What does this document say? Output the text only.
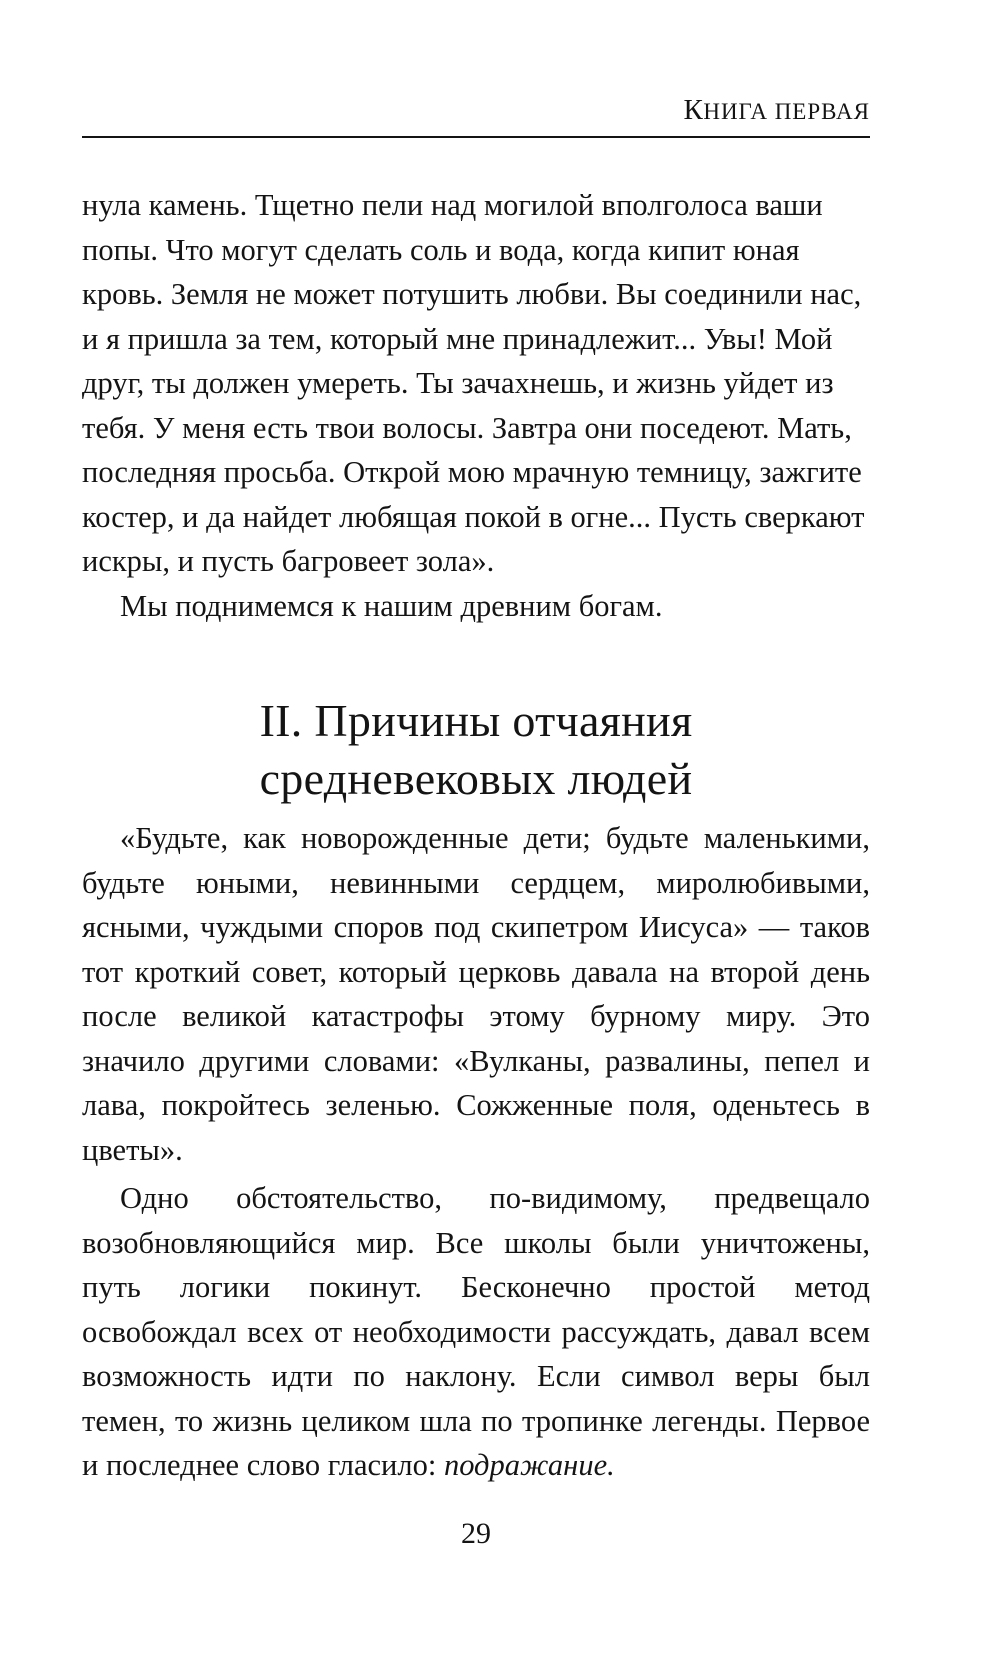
КНИГА ПЕРВАЯ

нула камень. Тщетно пели над могилой вполголоса ваши попы. Что могут сделать соль и вода, когда кипит юная кровь. Земля не может потушить любви. Вы соединили нас, и я пришла за тем, который мне принадлежит... Увы! Мой друг, ты должен умереть. Ты зачахнешь, и жизнь уйдет из тебя. У меня есть твои волосы. Завтра они поседеют. Мать, последняя просьба. Открой мою мрачную темницу, зажгите костер, и да найдет любящая покой в огне... Пусть сверкают искры, и пусть багровеет зола».

Мы поднимемся к нашим древним богам.

II. Причины отчаяния
средневековых людей

«Будьте, как новорожденные дети; будьте маленькими, будьте юными, невинными сердцем, миролюбивыми, ясными, чуждыми споров под скипетром Иисуса» — таков тот кроткий совет, который церковь давала на второй день после великой катастрофы этому бурному миру. Это значило другими словами: «Вулканы, развалины, пепел и лава, покройтесь зеленью. Сожженные поля, оденьтесь в цветы».

Одно обстоятельство, по-видимому, предвещало возобновляющийся мир. Все школы были уничтожены, путь логики покинут. Бесконечно простой метод освобождал всех от необходимости рассуждать, давал всем возможность идти по наклону. Если символ веры был темен, то жизнь целиком шла по тропинке легенды. Первое и последнее слово гласило: подражание.

29
